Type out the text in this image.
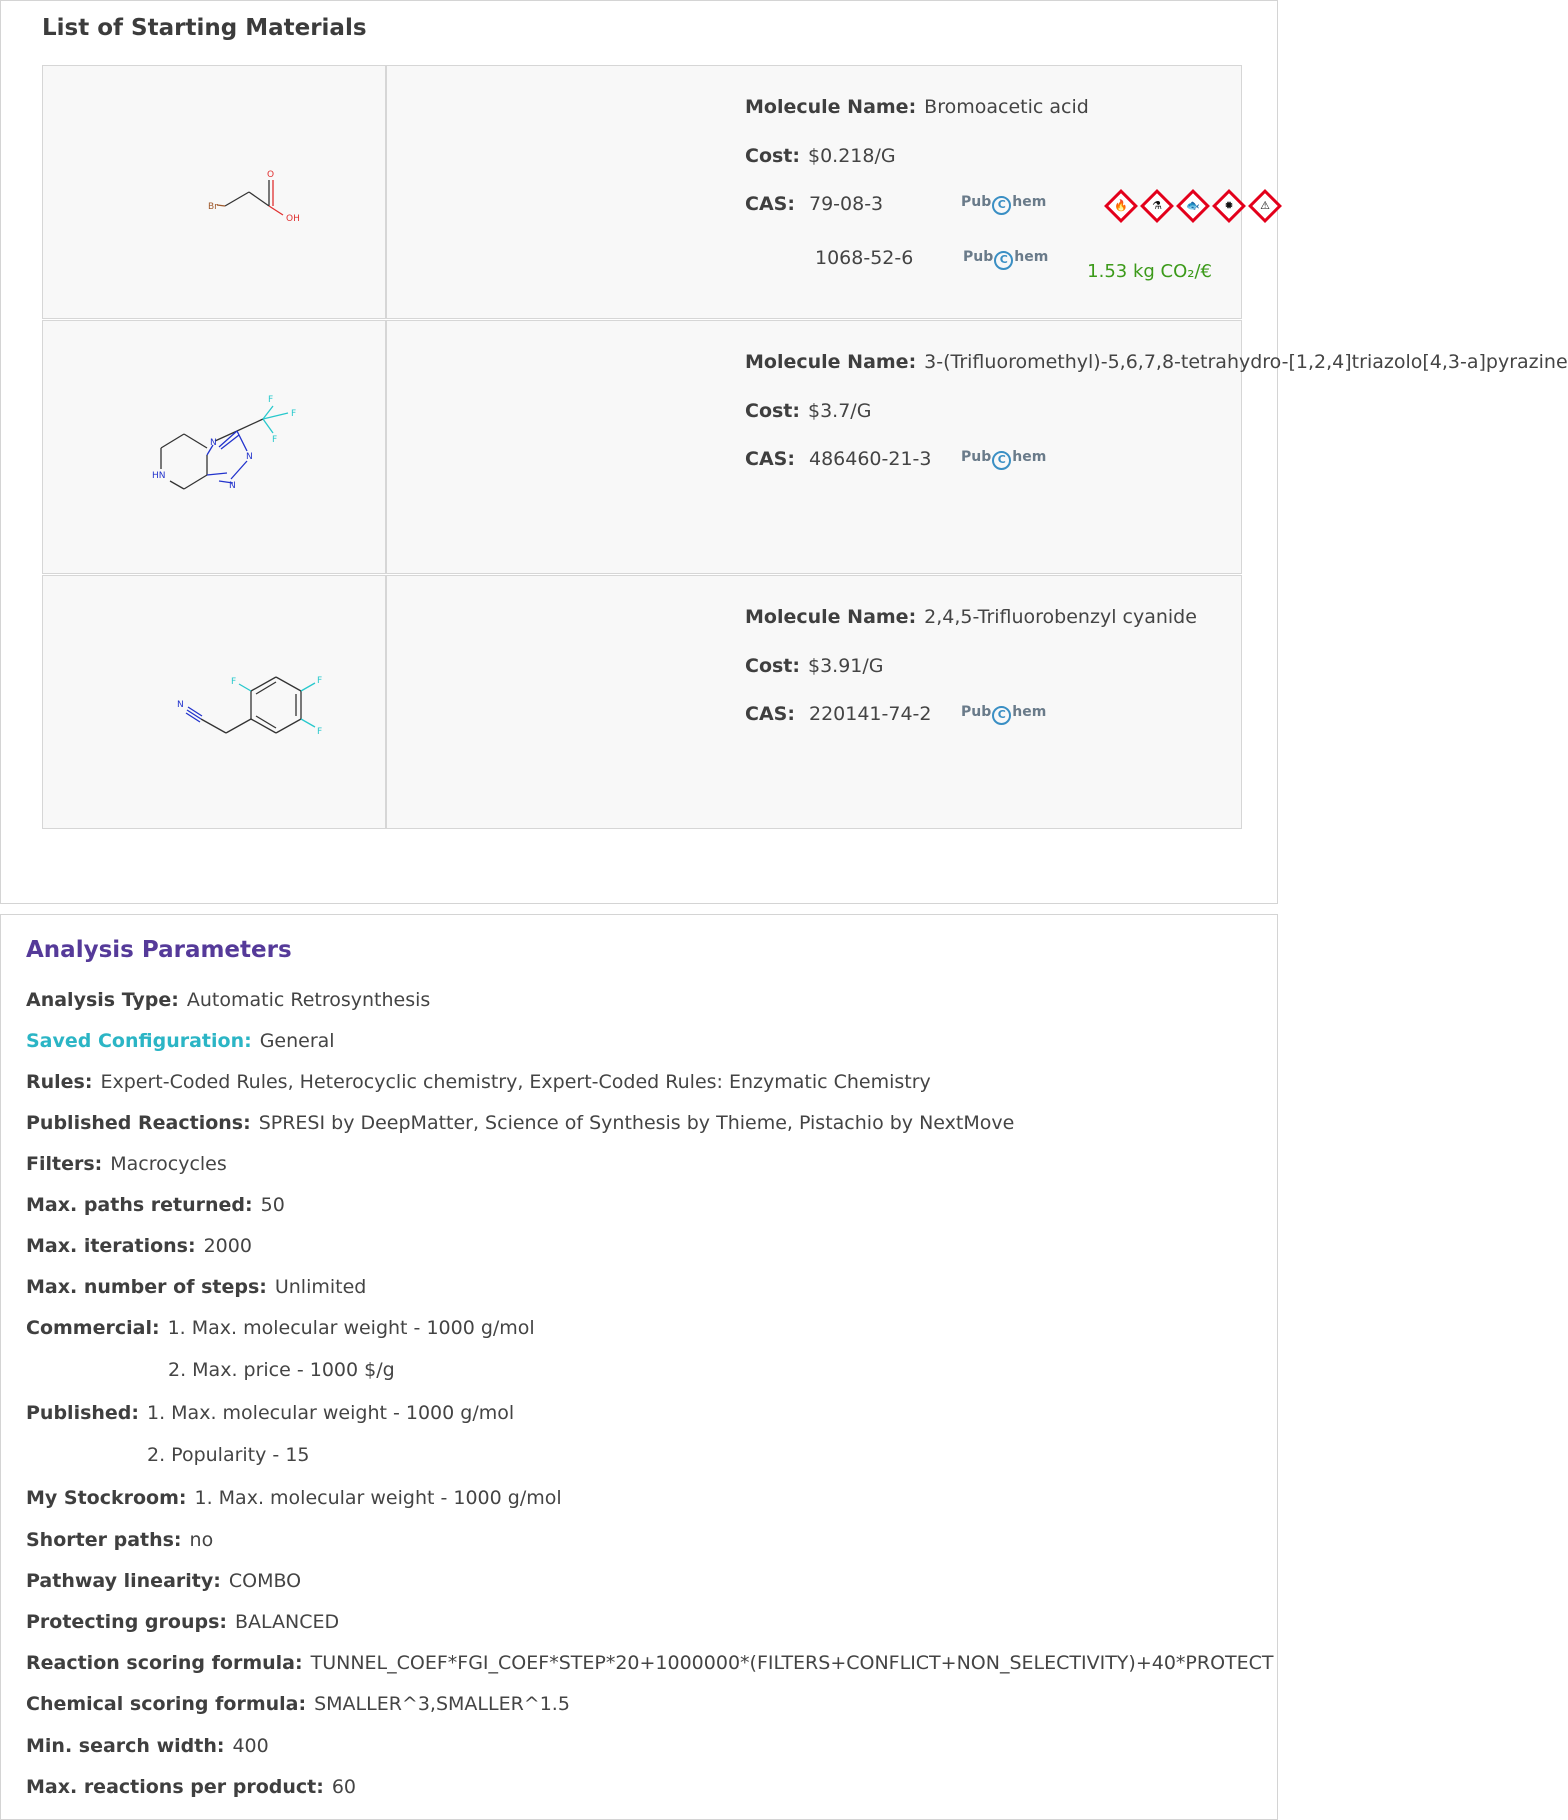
List of Starting Materials
Br
O
OH
Molecule Name: Bromoacetic acid
Cost: $0.218/G
CAS: 79-08-3	Pub C hem	🔥	⚗	🐟	✹	⚠
1.53 kg CO₂/€
1068-52-6	Pub C hem
F
F
F
N
N
N
HN
Molecule Name: 3-(Trifluoromethyl)-5,6,7,8-tetrahydro-[1,2,4]triazolo[4,3-a]pyrazine
Cost: $3.7/G
CAS: 486460-21-3	Pub C hem
N
F	F
F
Molecule Name: 2,4,5-Trifluorobenzyl cyanide
Cost: $3.91/G
CAS: 220141-74-2	Pub C hem
Analysis Parameters
Analysis Type: Automatic Retrosynthesis
Saved Configuration: General
Rules: Expert-Coded Rules, Heterocyclic chemistry, Expert-Coded Rules: Enzymatic Chemistry
Published Reactions: SPRESI by DeepMatter, Science of Synthesis by Thieme, Pistachio by NextMove
Filters: Macrocycles
Max. paths returned: 50
Max. iterations: 2000
Max. number of steps: Unlimited
Commercial: 1. Max. molecular weight - 1000 g/mol
2. Max. price - 1000 $/g
Published: 1. Max. molecular weight - 1000 g/mol
2. Popularity - 15
My Stockroom: 1. Max. molecular weight - 1000 g/mol
Shorter paths: no
Pathway linearity: COMBO
Protecting groups: BALANCED
Reaction scoring formula: TUNNEL_COEF*FGI_COEF*STEP*20+1000000*(FILTERS+CONFLICT+NON_SELECTIVITY)+40*PROTECT
Chemical scoring formula: SMALLER^3,SMALLER^1.5
Min. search width: 400
Max. reactions per product: 60
